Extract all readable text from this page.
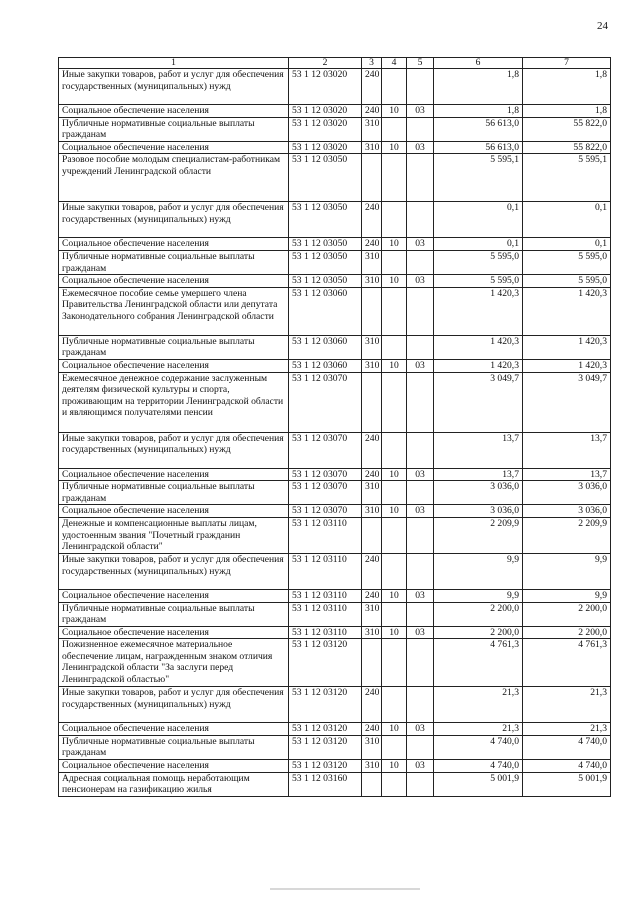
24
1	2	3	4	5	6	7
Иные закупки товаров, работ и услуг для обеспечения государственных (муниципальных) нужд	53 1 12 03020	240			1,8	1,8
Социальное обеспечение населения	53 1 12 03020	240	10	03	1,8	1,8
Публичные нормативные социальные выплаты гражданам	53 1 12 03020	310			56 613,0	55 822,0
Социальное обеспечение населения	53 1 12 03020	310	10	03	56 613,0	55 822,0
Разовое пособие молодым специалистам-работникам учреждений Ленинградской области	53 1 12 03050				5 595,1	5 595,1
Иные закупки товаров, работ и услуг для обеспечения государственных (муниципальных) нужд	53 1 12 03050	240			0,1	0,1
Социальное обеспечение населения	53 1 12 03050	240	10	03	0,1	0,1
Публичные нормативные социальные выплаты гражданам	53 1 12 03050	310			5 595,0	5 595,0
Социальное обеспечение населения	53 1 12 03050	310	10	03	5 595,0	5 595,0
Ежемесячное пособие семье умершего члена Правительства Ленинградской области или депутата Законодательного собрания Ленинградской области	53 1 12 03060				1 420,3	1 420,3
Публичные нормативные социальные выплаты гражданам	53 1 12 03060	310			1 420,3	1 420,3
Социальное обеспечение населения	53 1 12 03060	310	10	03	1 420,3	1 420,3
Ежемесячное денежное содержание заслуженным деятелям физической культуры и спорта, проживающим на территории Ленинградской области и являющимся получателями пенсии	53 1 12 03070				3 049,7	3 049,7
Иные закупки товаров, работ и услуг для обеспечения государственных (муниципальных) нужд	53 1 12 03070	240			13,7	13,7
Социальное обеспечение населения	53 1 12 03070	240	10	03	13,7	13,7
Публичные нормативные социальные выплаты гражданам	53 1 12 03070	310			3 036,0	3 036,0
Социальное обеспечение населения	53 1 12 03070	310	10	03	3 036,0	3 036,0
Денежные и компенсационные выплаты лицам, удостоенным звания "Почетный гражданин Ленинградской области"	53 1 12 03110				2 209,9	2 209,9
Иные закупки товаров, работ и услуг для обеспечения государственных (муниципальных) нужд	53 1 12 03110	240			9,9	9,9
Социальное обеспечение населения	53 1 12 03110	240	10	03	9,9	9,9
Публичные нормативные социальные выплаты гражданам	53 1 12 03110	310			2 200,0	2 200,0
Социальное обеспечение населения	53 1 12 03110	310	10	03	2 200,0	2 200,0
Пожизненное ежемесячное материальное обеспечение лицам, награжденным знаком отличия Ленинградской области "За заслуги перед Ленинградской областью"	53 1 12 03120				4 761,3	4 761,3
Иные закупки товаров, работ и услуг для обеспечения государственных (муниципальных) нужд	53 1 12 03120	240			21,3	21,3
Социальное обеспечение населения	53 1 12 03120	240	10	03	21,3	21,3
Публичные нормативные социальные выплаты гражданам	53 1 12 03120	310			4 740,0	4 740,0
Социальное обеспечение населения	53 1 12 03120	310	10	03	4 740,0	4 740,0
Адресная социальная помощь неработающим пенсионерам на газификацию жилья	53 1 12 03160				5 001,9	5 001,9
